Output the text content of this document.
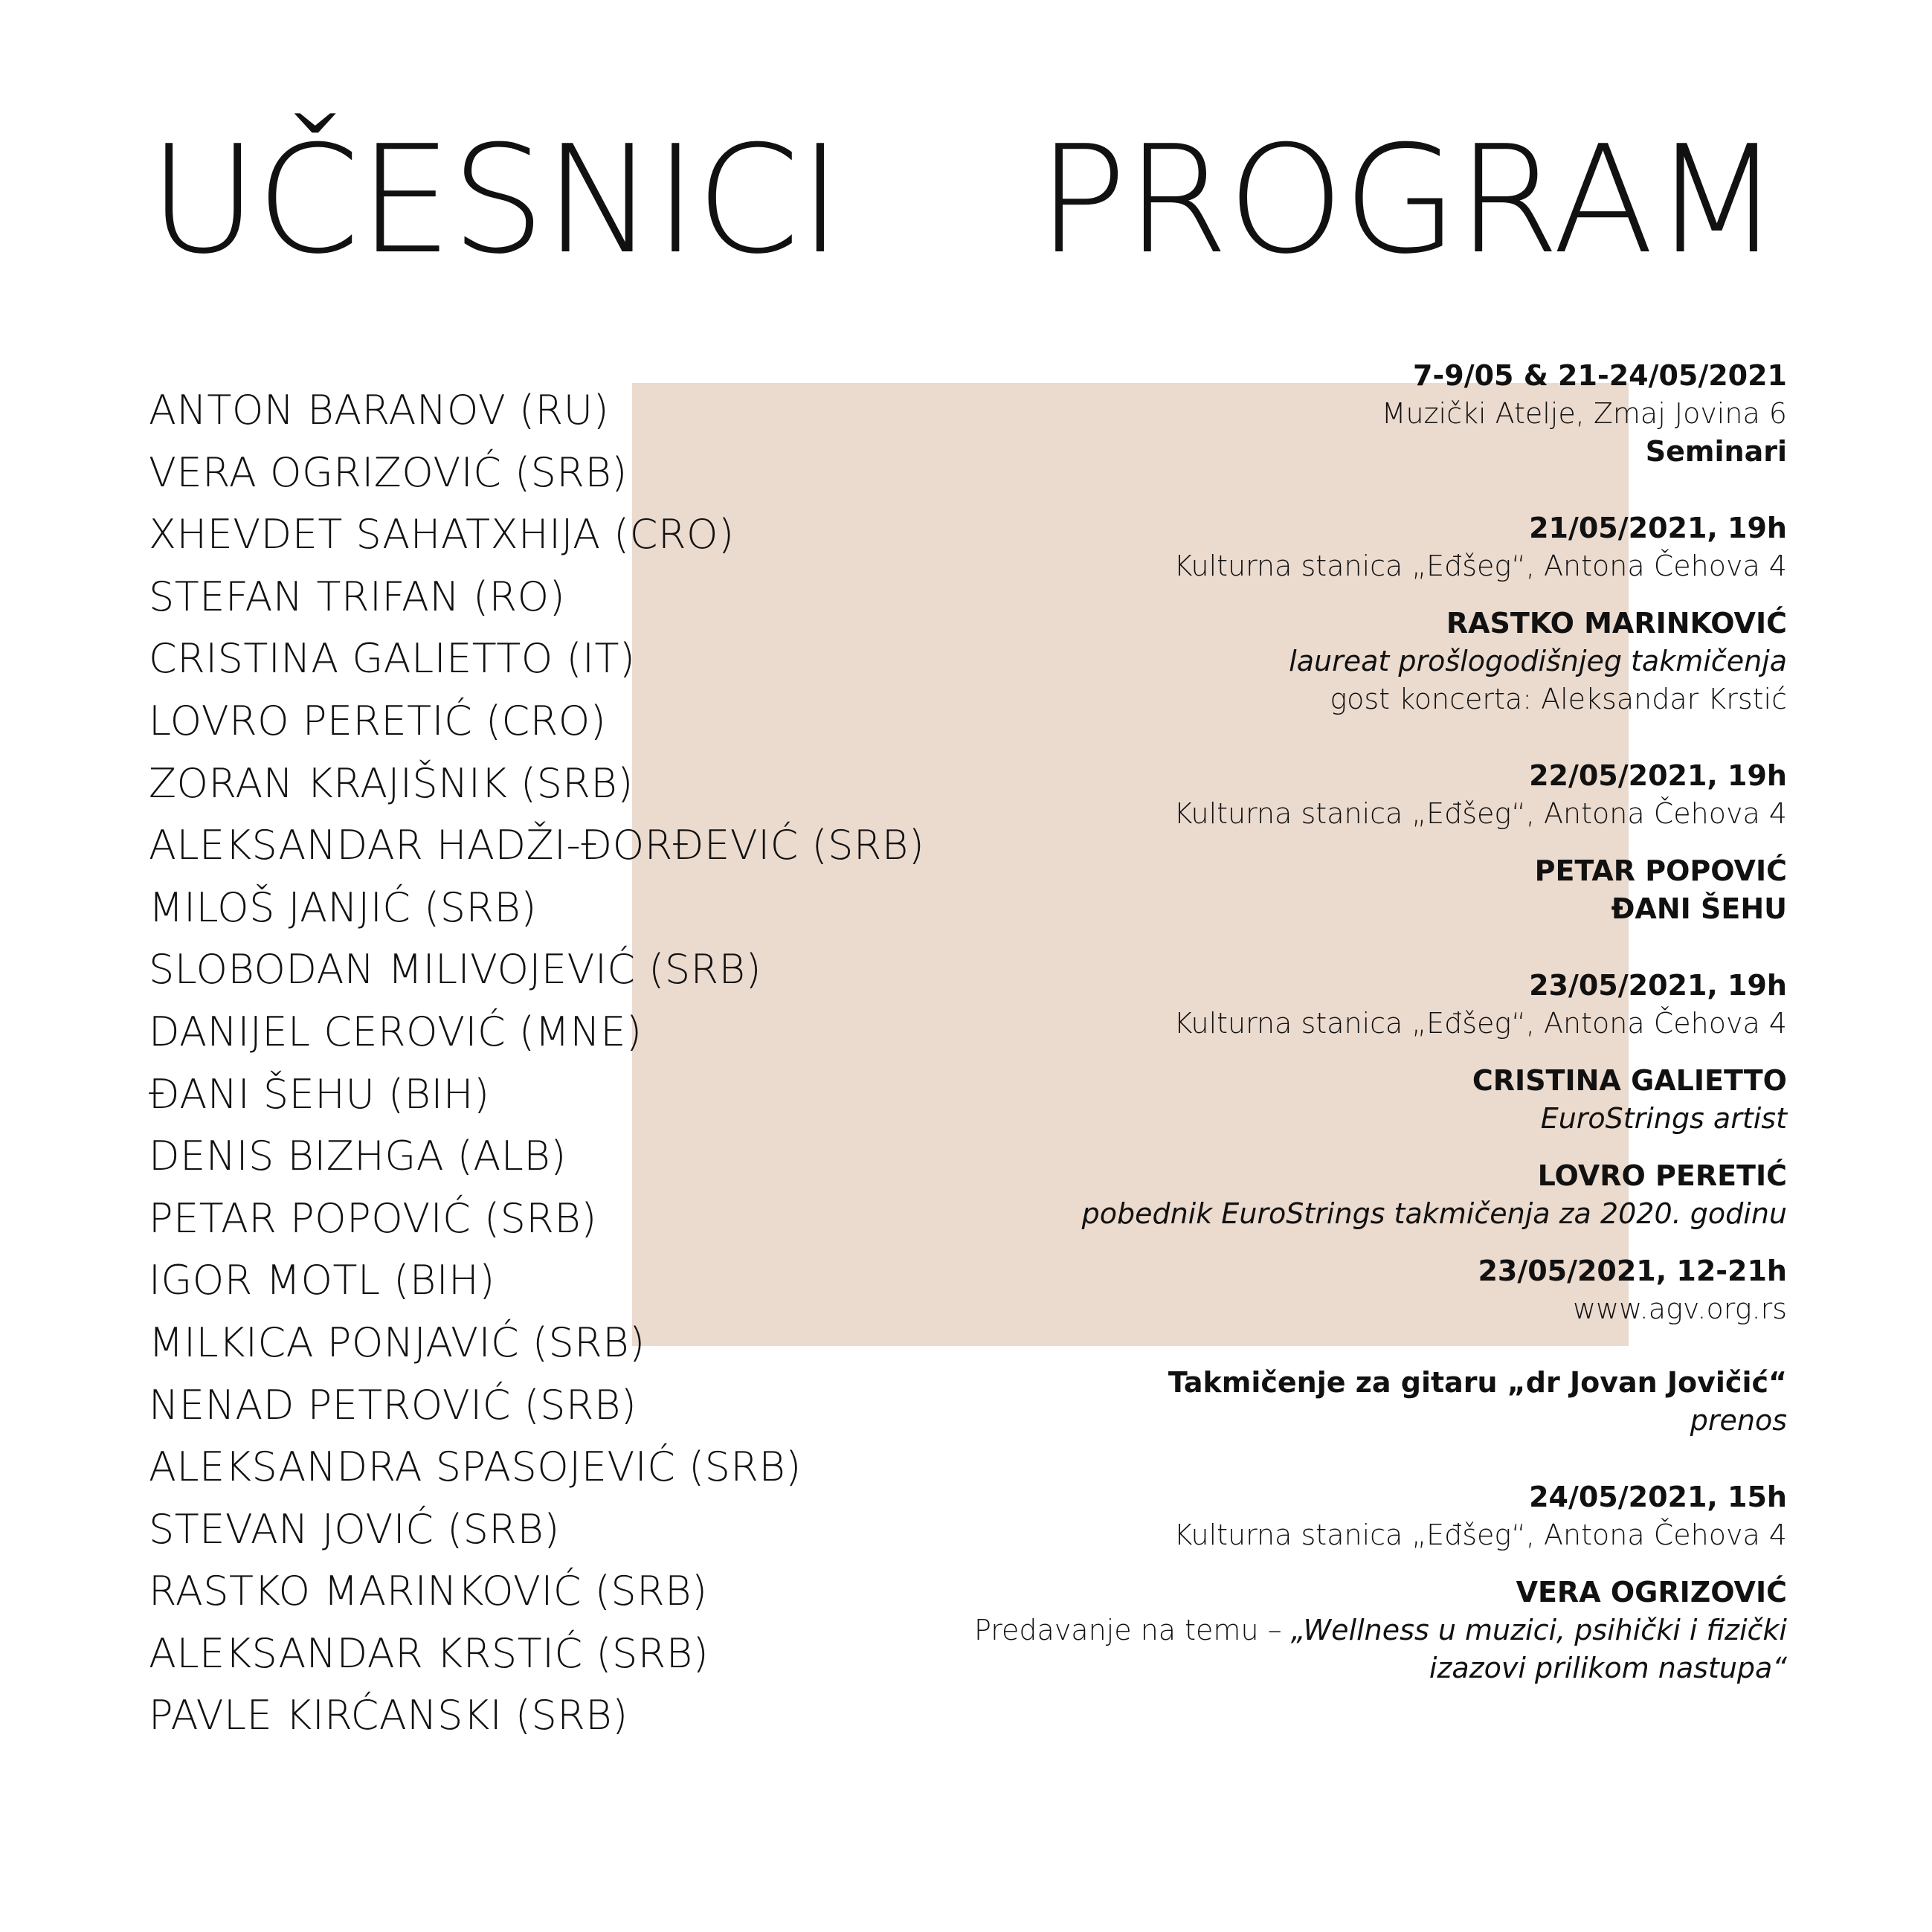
UČESNICI PROGRAM
ANTON BARANOV (RU)
VERA OGRIZOVIĆ (SRB)
XHEVDET SAHATXHIJA (CRO)
STEFAN TRIFAN (RO)
CRISTINA GALIETTO (IT)
LOVRO PERETIĆ (CRO)
ZORAN KRAJIŠNIK (SRB)
ALEKSANDAR HADŽI-ĐORĐEVIĆ (SRB)
MILOŠ JANJIĆ (SRB)
SLOBODAN MILIVOJEVIĆ (SRB)
DANIJEL CEROVIĆ (MNE)
ĐANI ŠEHU (BIH)
DENIS BIZHGA (ALB)
PETAR POPOVIĆ (SRB)
IGOR MOTL (BIH)
MILKICA PONJAVIĆ (SRB)
NENAD PETROVIĆ (SRB)
ALEKSANDRA SPASOJEVIĆ (SRB)
STEVAN JOVIĆ (SRB)
RASTKO MARINKOVIĆ (SRB)
ALEKSANDAR KRSTIĆ (SRB)
PAVLE KIRĆANSKI (SRB)
7-9/05 & 21-24/05/2021
Muzički Atelje, Zmaj Jovina 6
Seminari
21/05/2021, 19h
Kulturna stanica „Eđšeg“, Antona Čehova 4
RASTKO MARINKOVIĆ
laureat prošlogodišnjeg takmičenja
gost koncerta: Aleksandar Krstić
22/05/2021, 19h
Kulturna stanica „Eđšeg“, Antona Čehova 4
PETAR POPOVIĆ
ĐANI ŠEHU
23/05/2021, 19h
Kulturna stanica „Eđšeg“, Antona Čehova 4
CRISTINA GALIETTO
EuroStrings artist
LOVRO PERETIĆ
pobednik EuroStrings takmičenja za 2020. godinu
23/05/2021, 12-21h
www.agv.org.rs
Takmičenje za gitaru „dr Jovan Jovičić“
prenos
24/05/2021, 15h
Kulturna stanica „Eđšeg“, Antona Čehova 4
VERA OGRIZOVIĆ
Predavanje na temu – „Wellness u muzici, psihički i fizički
izazovi prilikom nastupa“
